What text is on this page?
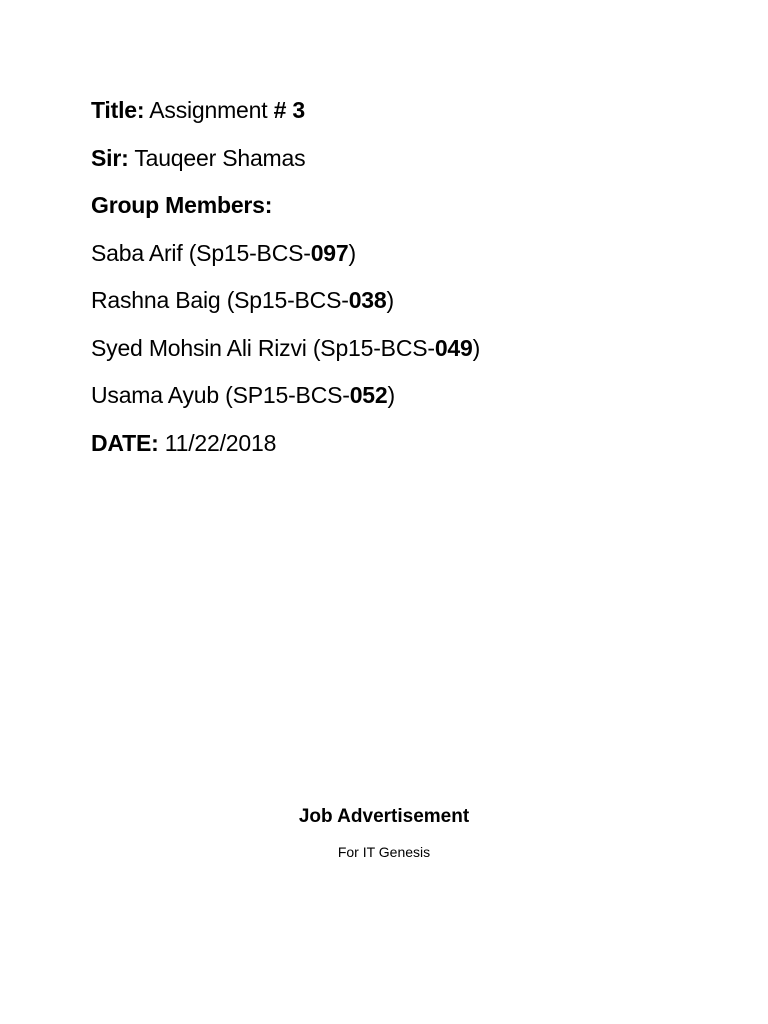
Title: Assignment # 3
Sir: Tauqeer Shamas
Group Members:
Saba Arif (Sp15-BCS-097)
Rashna Baig (Sp15-BCS-038)
Syed Mohsin Ali Rizvi (Sp15-BCS-049)
Usama Ayub (SP15-BCS-052)
DATE: 11/22/2018
Job Advertisement
For IT Genesis
